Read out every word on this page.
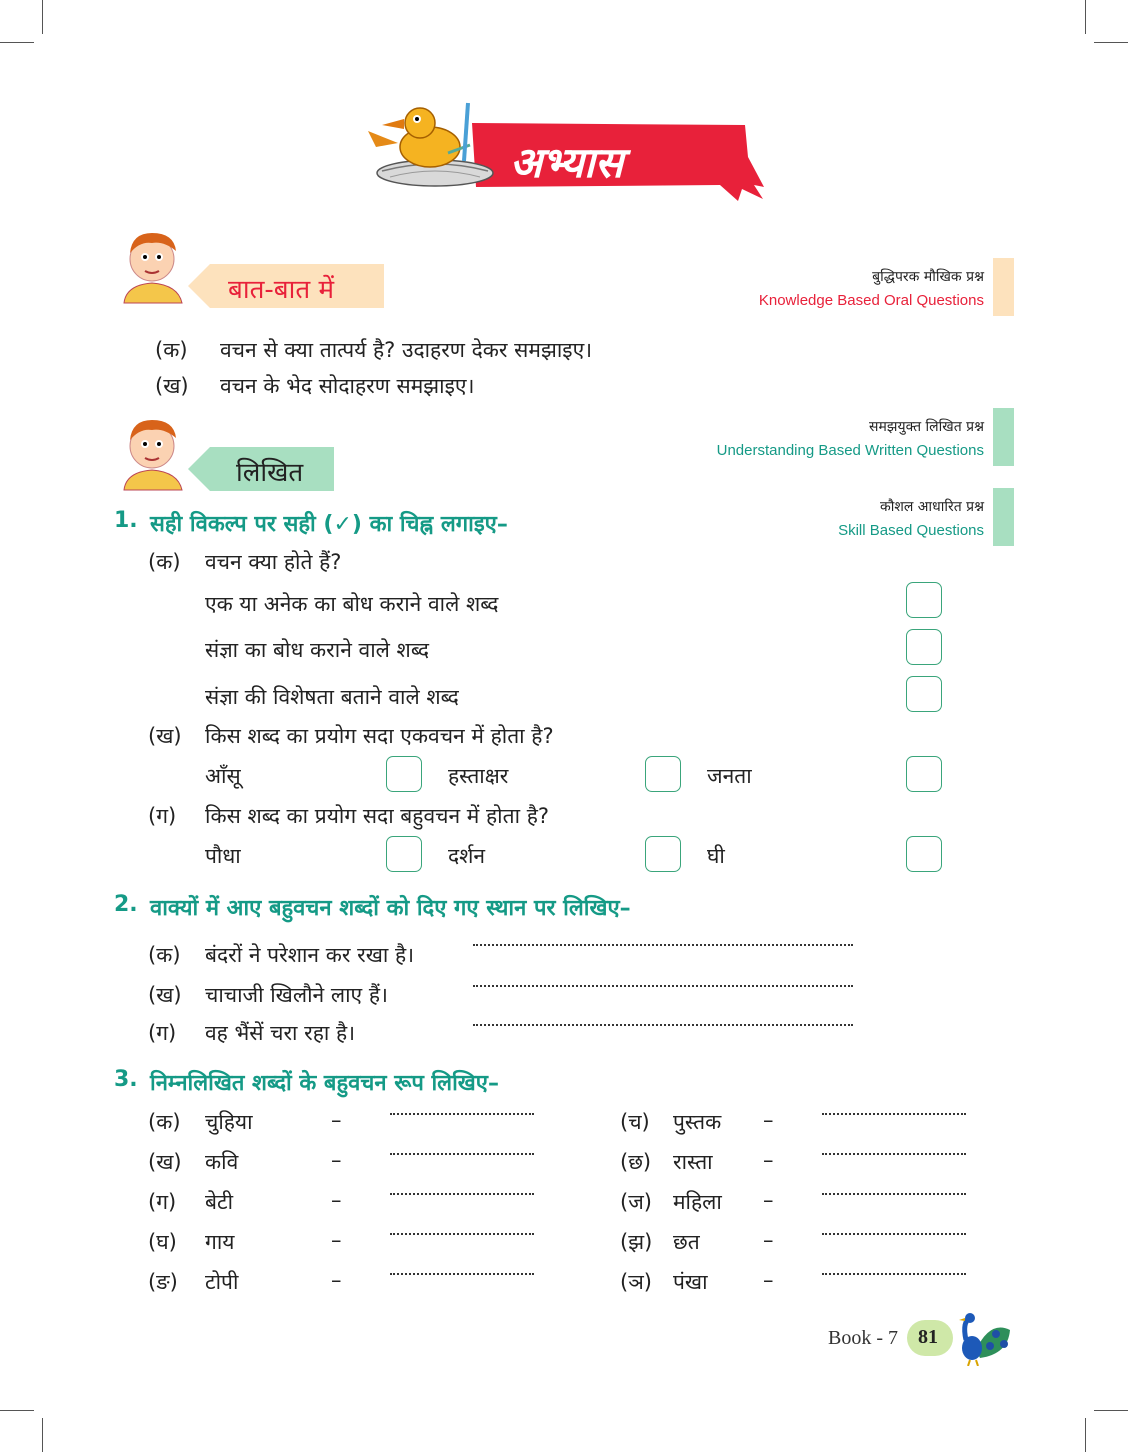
अभ्यास
बात-बात में	बुद्धिपरक मौखिक प्रश्न
Knowledge Based Oral Questions
(क) वचन से क्या तात्पर्य है? उदाहरण देकर समझाइए।
(ख) वचन के भेद सोदाहरण समझाइए।
लिखित
समझयुक्त लिखित प्रश्न
Understanding Based Written Questions
कौशल आधारित प्रश्न
Skill Based Questions
1. सही विकल्प पर सही (✓) का चिह्न लगाइए–
(क) वचन क्या होते हैं?
एक या अनेक का बोध कराने वाले शब्द
संज्ञा का बोध कराने वाले शब्द
संज्ञा की विशेषता बताने वाले शब्द
(ख) किस शब्द का प्रयोग सदा एकवचन में होता है?
आँसू	हस्ताक्षर	जनता
(ग) किस शब्द का प्रयोग सदा बहुवचन में होता है?
पौधा	दर्शन	घी
2. वाक्यों में आए बहुवचन शब्दों को दिए गए स्थान पर लिखिए–
(क) बंदरों ने परेशान कर रखा है।
(ख) चाचाजी खिलौने लाए हैं।
(ग) वह भैंसें चरा रहा है।
3. निम्नलिखित शब्दों के बहुवचन रूप लिखिए–
(क) चुहिया	–
(ख) कवि	–
(ग) बेटी	–
(घ) गाय	–
(ङ) टोपी	–
(च) पुस्तक –
(छ) रास्ता –
(ज) महिला –
(झ) छत	–
(ञ) पंखा	–
Book - 7 81
